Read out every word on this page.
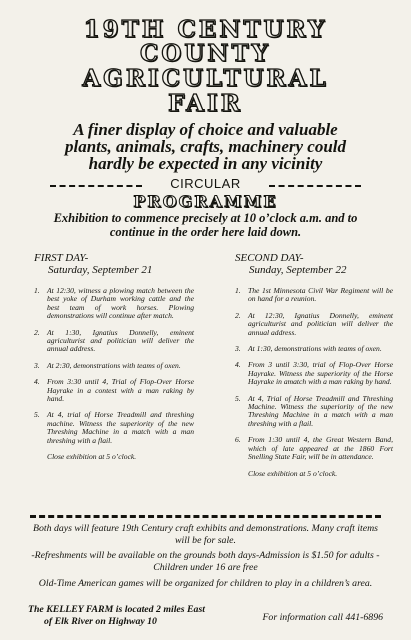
19TH CENTURY
COUNTY
AGRICULTURAL
FAIR
A finer display of choice and valuable plants, animals, crafts, machinery could hardly be expected in any vicinity
CIRCULAR
PROGRAMME
Exhibition to commence precisely at 10 o’clock a.m. and to continue in the order here laid down.
FIRST DAY-
Saturday, September 21
1. At 12:30, witness a plowing match between the best yoke of Durham working cattle and the best team of work horses. Plowing demonstrations will continue after match.
2. At 1:30, Ignatius Donnelly, eminent agriculturist and politician will deliver the annual address.
3. At 2:30, demonstrations with teams of oxen.
4. From 3:30 until 4, Trial of Flop-Over Horse Hayrake in a contest with a man raking by hand.
5. At 4, trial of Horse Treadmill and threshing machine. Witness the superiority of the new Threshing Machine in a match with a man threshing with a flail.
Close exhibition at 5 o’clock.
SECOND DAY-
Sunday, September 22
1. The 1st Minnesota Civil War Regiment will be on hand for a reunion.
2. At 12:30, Ignatius Donnelly, eminent agriculturist and politician will deliver the annual address.
3. At 1:30, demonstrations with teams of oxen.
4. From 3 until 3:30, trial of Flop-Over Horse Hayrake. Witness the superiority of the Horse Hayrake in amatch with a man raking by hand.
5. At 4, Trial of Horse Treadmill and Threshing Machine. Witness the superiority of the new Threshing Machine in a match with a man threshing with a flail.
6. From 1:30 until 4, the Great Western Band, which of late appeared at the 1860 Fort Snelling State Fair, will be in attendance.
Close exhibition at 5 o’clock.
Both days will feature 19th Century craft exhibits and demonstrations. Many craft items will be for sale.
-Refreshments will be available on the grounds both days-Admission is $1.50 for adults - Children under 16 are free
Old-Time American games will be organized for children to play in a children’s area.
The KELLEY FARM is located 2 miles East
of Elk River on Highway 10	For information call 441-6896
